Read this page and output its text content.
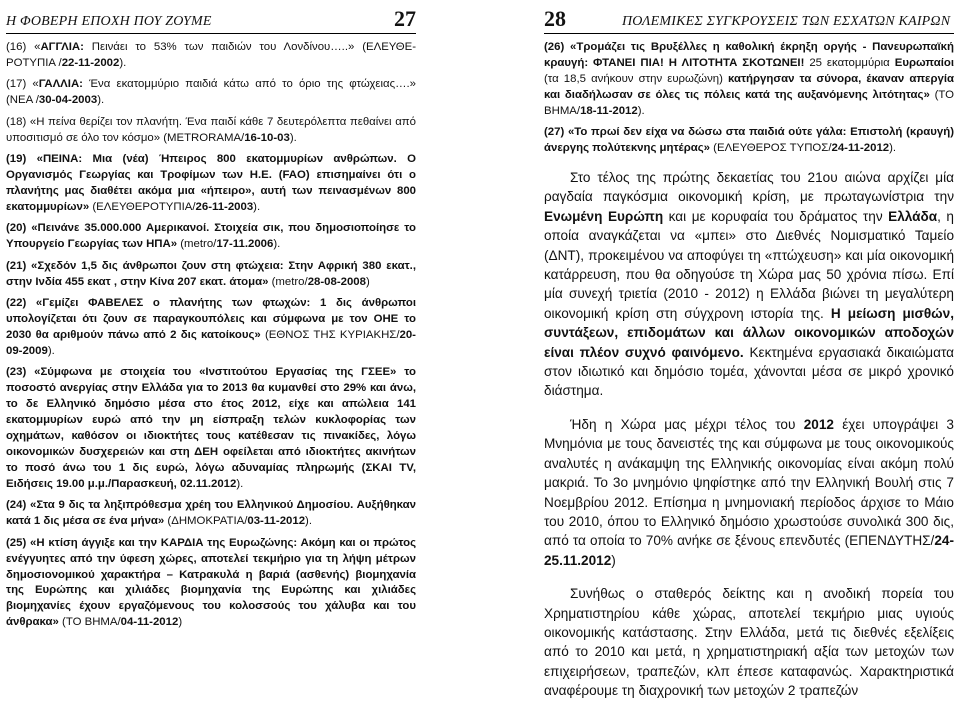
Η ΦΟΒΕΡΗ ΕΠΟΧΗ ΠΟΥ ΖΟΥΜΕ	27

(16) «ΑΓΓΛΙΑ: Πεινάει το 53% των παιδιών του Λονδίνου…..» (ΕΛΕΥΘΕ-ΡΟΤΥΠΙΑ /22-11-2002).

(17) «ΓΑΛΛΙΑ: Ένα εκατομμύριο παιδιά κάτω από το όριο της φτώχειας….» (ΝΕΑ /30-04-2003).

(18) «Η πείνα θερίζει τον πλανήτη. Ένα παιδί κάθε 7 δευτερόλεπτα πεθαίνει από υποσιτισμό σε όλο τον κόσμο» (METRORAMA/16-10-03).

(19) «ΠΕΙΝΑ: Μια (νέα) Ήπειρος 800 εκατομμυρίων ανθρώπων. Ο Οργανισμός Γεωργίας και Τροφίμων των Η.Ε. (FAO) επισημαίνει ότι ο πλανήτης μας διαθέτει ακόμα μια «ήπειρο», αυτή των πεινασμένων 800 εκατομμυρίων» (ΕΛΕΥΘΕΡΟΤΥΠΙΑ/26-11-2003).

(20) «Πεινάνε 35.000.000 Αμερικανοί. Στοιχεία σικ, που δημοσιοποίησε το Υπουργείο Γεωργίας των ΗΠΑ» (metro/17-11.2006).

(21) «Σχεδόν 1,5 δις άνθρωποι ζουν στη φτώχεια: Στην Αφρική 380 εκατ., στην Ινδία 455 εκατ , στην Κίνα 207 εκατ. άτομα» (metro/28-08-2008)

(22) «Γεμίζει ΦΑΒΕΛΕΣ ο πλανήτης των φτωχών: 1 δις άνθρωποι υπολογίζεται ότι ζουν σε παραγκουπόλεις και σύμφωνα με τον ΟΗΕ το 2030 θα αριθμούν πάνω από 2 δις κατοίκους» (ΕΘΝΟΣ ΤΗΣ ΚΥΡΙΑΚΗΣ/20-09-2009).

(23) «Σύμφωνα με στοιχεία του «Ινστιτούτου Εργασίας της ΓΣΕΕ» το ποσοστό ανεργίας στην Ελλάδα για το 2013 θα κυμανθεί στο 29% και άνω, το δε Ελληνικό δημόσιο μέσα στο έτος 2012, είχε και απώλεια 141 εκατομμυρίων ευρώ από την μη είσπραξη τελών κυκλοφορίας των οχημάτων, καθόσον οι ιδιοκτήτες τους κατέθεσαν τις πινακίδες, λόγω οικονομικών δυσχερειών και στη ΔΕΗ οφείλεται από ιδιοκτήτες ακινήτων το ποσό άνω του 1 δις ευρώ, λόγω αδυναμίας πληρωμής (ΣΚΑΙ TV, Ειδήσεις 19.00 μ.μ./Παρασκευή, 02.11.2012).

(24) «Στα 9 δις τα ληξιπρόθεσμα χρέη του Ελληνικού Δημοσίου. Αυξήθηκαν κατά 1 δις μέσα σε ένα μήνα» (ΔΗΜΟΚΡΑΤΙΑ/03-11-2012).

(25) «Η κτίση άγγιξε και την ΚΑΡΔΙΑ της Ευρωζώνης: Ακόμη και οι πρώτος ενέγγυητες από την ύφεση χώρες, αποτελεί τεκμήριο για τη λήψη μέτρων δημοσιονομικού χαρακτήρα – Κατρακυλά η βαριά (ασθενής) βιομηχανία της Ευρώπης και χιλιάδες βιομηχανία της Ευρώπης και χιλιάδες βιομηχανίες έχουν εργαζόμενους του κολοσσούς του χάλυβα και του άνθρακα» (ΤΟ ΒΗΜΑ/04-11-2012)

28	ΠΟΛΕΜΙΚΕΣ ΣΥΓΚΡΟΥΣΕΙΣ ΤΩΝ ΕΣΧΑΤΩΝ ΚΑΙΡΩΝ

(26) «Τρομάζει τις Βρυξέλλες η καθολική έκρηξη οργής - Πανευρωπαϊκή κραυγή: ΦΤΑΝΕΙ ΠΙΑ! Η ΛΙΤΟΤΗΤΑ ΣΚΟΤΩΝΕΙ! 25 εκατομμύρια Ευρωπαίοι (τα 18,5 ανήκουν στην ευρωζώνη) κατήργησαν τα σύνορα, έκαναν απεργία και διαδήλωσαν σε όλες τις πόλεις κατά της αυξανόμενης λιτότητας» (ΤΟ ΒΗΜΑ/18-11-2012).

(27) «Το πρωί δεν είχα να δώσω στα παιδιά ούτε γάλα: Επιστολή (κραυγή) άνεργης πολύτεκνης μητέρας» (ΕΛΕΥΘΕΡΟΣ ΤΥΠΟΣ/24-11-2012).

Στο τέλος της πρώτης δεκαετίας του 21ου αιώνα αρχίζει μία ραγδαία παγκόσμια οικονομική κρίση, με πρωταγωνίστρια την Ενωμένη Ευρώπη και με κορυφαία του δράματος την Ελλάδα, η οποία αναγκάζεται να «μπει» στο Διεθνές Νομισματικό Ταμείο (ΔΝΤ), προκειμένου να αποφύγει τη «πτώχευση» και μία οικονομική κατάρρευση, που θα οδηγούσε τη Χώρα μας 50 χρόνια πίσω. Επί μία συνεχή τριετία (2010 - 2012) η Ελλάδα βιώνει τη μεγαλύτερη οικονομική κρίση στη σύγχρονη ιστορία της. Η μείωση μισθών, συντάξεων, επιδομάτων και άλλων οικονομικών αποδοχών είναι πλέον συχνό φαινόμενο. Κεκτημένα εργασιακά δικαιώματα στον ιδιωτικό και δημόσιο τομέα, χάνονται μέσα σε μικρό χρονικό διάστημα.

Ήδη η Χώρα μας μέχρι τέλος του 2012 έχει υπογράψει 3 Μνημόνια με τους δανειστές της και σύμφωνα με τους οικονομικούς αναλυτές η ανάκαμψη της Ελληνικής οικονομίας είναι ακόμη πολύ μακριά. Το 3ο μνημόνιο ψηφίστηκε από την Ελληνική Βουλή στις 7 Νοεμβρίου 2012. Επίσημα η μνημονιακή περίοδος άρχισε το Μάιο του 2010, όπου το Ελληνικό δημόσιο χρωστούσε συνολικά 300 δις, από τα οποία το 70% ανήκε σε ξένους επενδυτές (ΕΠΕΝΔΥΤΗΣ/24-25.11.2012)

Συνήθως ο σταθερός δείκτης και η ανοδική πορεία του Χρηματιστηρίου κάθε χώρας, αποτελεί τεκμήριο μιας υγιούς οικονομικής κατάστασης. Στην Ελλάδα, μετά τις διεθνές εξελίξεις από το 2010 και μετά, η χρηματιστηριακή αξία των μετοχών των επιχειρήσεων, τραπεζών, κλπ έπεσε καταφανώς. Χαρακτηριστικά αναφέρουμε τη διαχρονική των μετοχών 2 τραπεζών
